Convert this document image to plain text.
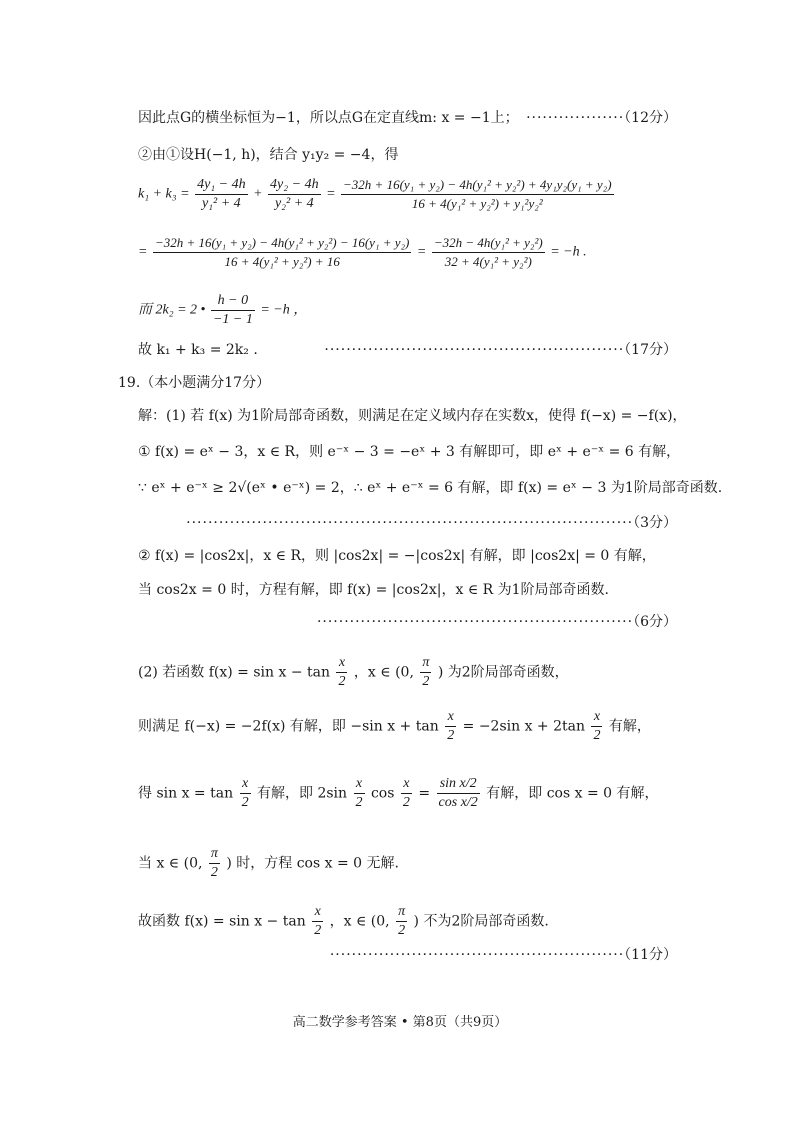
因此点G的横坐标恒为−1，所以点G在定直线m: x = −1上； ··················（12分）
②由①设H(−1, h)，结合 y₁y₂ = −4，得
$k_1 + k_3 = \frac{\text{4y₁ − 4h}}{\text{y₁² + 4}} + \frac{\text{4y₂ − 4h}}{\text{y₂² + 4}} = \frac{\text{−32h + 16(y₁ + y₂) − 4h(y₁² + y₂²) + 4y₁y₂(y₁ + y₂)}}{\text{16 + 4(y₁² + y₂²) + y₁²y₂²}}$
= $\frac{\text{−32h + 16(y₁ + y₂) − 4h(y₁² + y₂²) − 16(y₁ + y₂)}}{\text{16 + 4(y₁² + y₂²) + 16}} = \frac{\text{−32h − 4h(y₁² + y₂²)}}{\text{32 + 4(y₁² + y₂²)}} = -h$ .
而 2k₂ = 2 • $\frac{h - 0}{-1 - 1} = -h$ ，
故 k₁ + k₃ = 2k₂ .	·······················································（17分）
19.（本小题满分17分）
解：(1) 若 f(x) 为1阶局部奇函数，则满足在定义域内存在实数x，使得 f(−x) = −f(x)，
① f(x) = eˣ − 3，x ∈ R，则 e⁻ˣ − 3 = −eˣ + 3 有解即可，即 eˣ + e⁻ˣ = 6 有解，
∵ eˣ + e⁻ˣ ≥ 2√(eˣ • e⁻ˣ) = 2，∴ eˣ + e⁻ˣ = 6 有解，即 f(x) = eˣ − 3 为1阶局部奇函数.
··················································································（3分）
② f(x) = |cos2x|，x ∈ R，则 |cos2x| = −|cos2x| 有解，即 |cos2x| = 0 有解，
当 cos2x = 0 时，方程有解，即 f(x) = |cos2x|，x ∈ R 为1阶局部奇函数.
··························································（6分）
(2) 若函数 $f(x) = \sin x - \tan \frac{x}{2}$ ，x ∈ (0, $\frac{\pi}{2}$ ) 为2阶局部奇函数，
则满足 f(−x) = −2f(x) 有解，即 −sin $x + \tan \frac{x}{2} = -2\sin$ $x + 2\tan \frac{x}{2}$ 有解，
得 $\sin x = \tan \frac{x}{2}$ 有解，即 $2\sin \frac{x}{2}$ $\cos \frac{x}{2} = \frac{\text{sin x/2}}{\text{cos x/2}}$ 有解，即 cos x = 0 有解，
当 x ∈ (0, $\frac{\pi}{2}$ ) 时，方程 cos x = 0 无解.
故函数 $f(x) = \sin x - \tan \frac{x}{2}$ ，x ∈ (0, $\frac{\pi}{2}$ ) 不为2阶局部奇函数.
······················································（11分）
高二数学参考答案 • 第8页（共9页）
